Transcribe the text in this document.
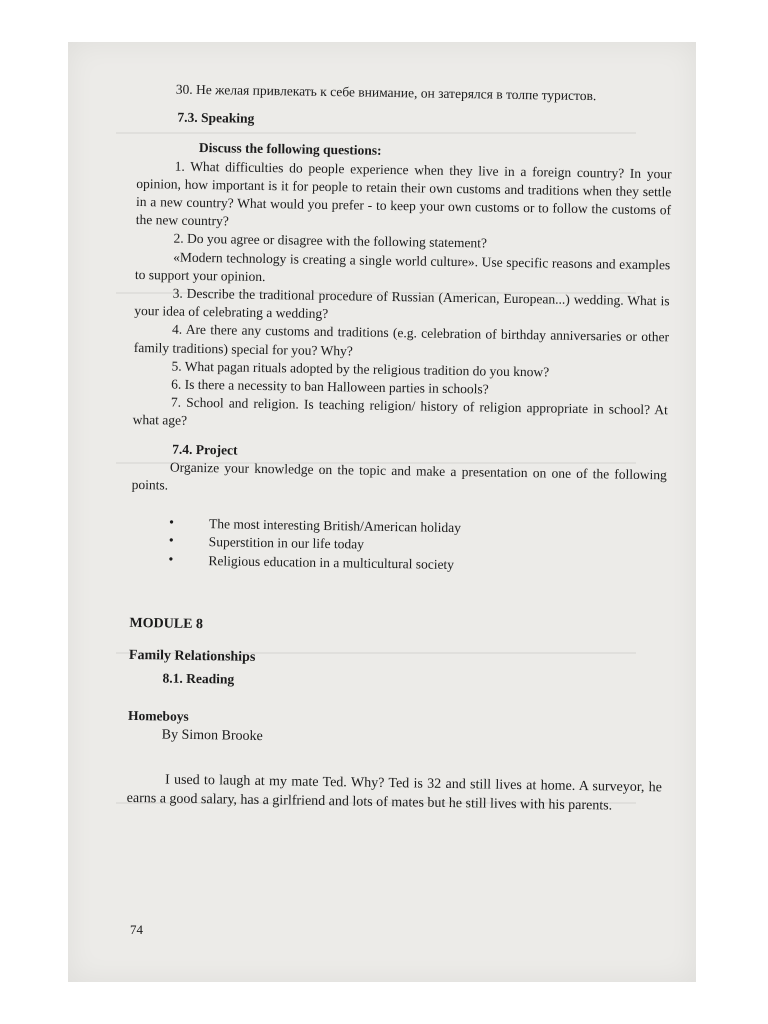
30. Не желая привлекать к себе внимание, он затерялся в толпе туристов.

7.3. Speaking

Discuss the following questions:

1. What difficulties do people experience when they live in a foreign country? In your opinion, how important is it for people to retain their own customs and traditions when they settle in a new country? What would you prefer - to keep your own customs or to follow the customs of the new country?

2. Do you agree or disagree with the following statement?

«Modern technology is creating a single world culture». Use specific reasons and examples to support your opinion.

3. Describe the traditional procedure of Russian (American, European...) wedding. What is your idea of celebrating a wedding?

4. Are there any customs and traditions (e.g. celebration of birthday anniversaries or other family traditions) special for you? Why?

5. What pagan rituals adopted by the religious tradition do you know?

6. Is there a necessity to ban Halloween parties in schools?

7. School and religion. Is teaching religion/ history of religion appropriate in school? At what age?

7.4. Project

Organize your knowledge on the topic and make a presentation on one of the following points.

• The most interesting British/American holiday
• Superstition in our life today
• Religious education in a multicultural society

MODULE 8

Family Relationships

8.1. Reading

Homeboys

By Simon Brooke

I used to laugh at my mate Ted. Why? Ted is 32 and still lives at home. A surveyor, he earns a good salary, has a girlfriend and lots of mates but he still lives with his parents.

74
